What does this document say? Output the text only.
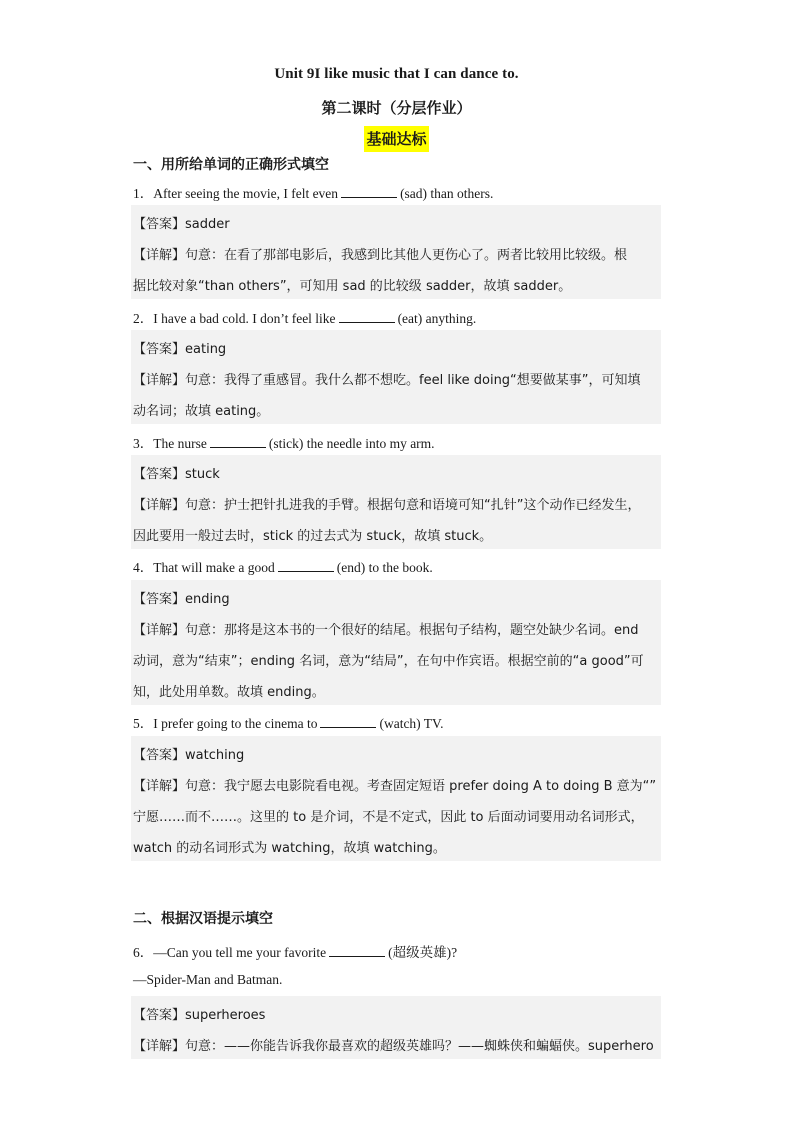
Unit 9I like music that I can dance to.
第二课时（分层作业）
基础达标
一、用所给单词的正确形式填空
1．After seeing the movie, I felt even	(sad) than others.
【答案】sadder
【详解】句意：在看了那部电影后，我感到比其他人更伤心了。两者比较用比较级。根
据比较对象“than others”，可知用 sad 的比较级 sadder，故填 sadder。
2．I have a bad cold. I don’t feel like	(eat) anything.
【答案】eating
【详解】句意：我得了重感冒。我什么都不想吃。feel like doing“想要做某事”，可知填
动名词；故填 eating。
3．The nurse	(stick) the needle into my arm.
【答案】stuck
【详解】句意：护士把针扎进我的手臂。根据句意和语境可知“扎针”这个动作已经发生，
因此要用一般过去时，stick 的过去式为 stuck，故填 stuck。
4．That will make a good	(end) to the book.
【答案】ending
【详解】句意：那将是这本书的一个很好的结尾。根据句子结构，题空处缺少名词。end
动词，意为“结束”；ending 名词，意为“结局”，在句中作宾语。根据空前的“a good”可
知，此处用单数。故填 ending。
5．I prefer going to the cinema to	(watch) TV.
【答案】watching
【详解】句意：我宁愿去电影院看电视。考查固定短语 prefer doing A to doing B 意为“”
宁愿……而不……。这里的 to 是介词，不是不定式，因此 to 后面动词要用动名词形式，
watch 的动名词形式为 watching，故填 watching。
二、根据汉语提示填空
6．—Can you tell me your favorite	(超级英雄)?
—Spider-Man and Batman.
【答案】superheroes
【详解】句意：——你能告诉我你最喜欢的超级英雄吗？——蜘蛛侠和蝙蝠侠。superhero
